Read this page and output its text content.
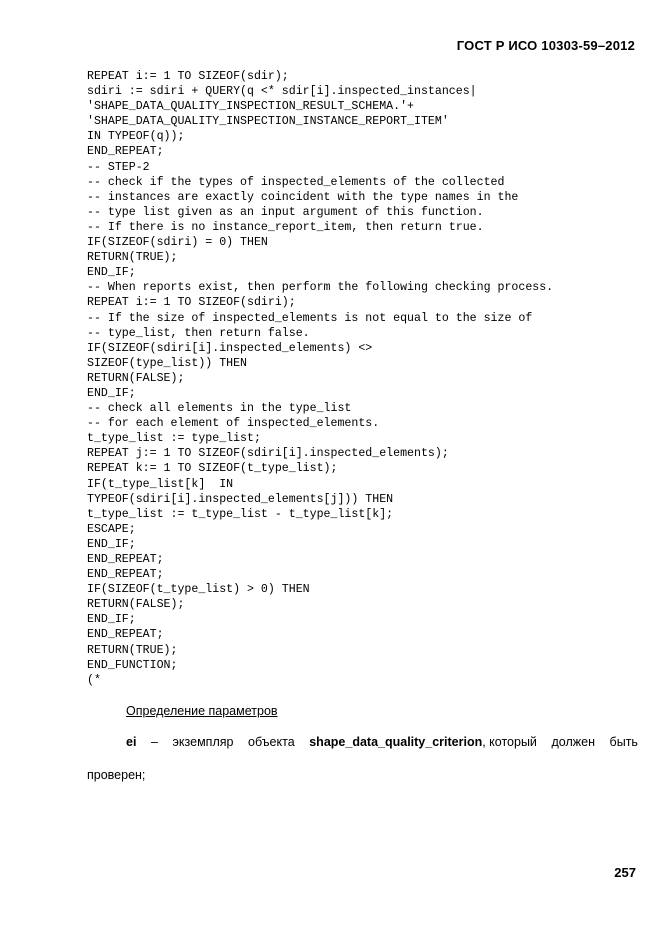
ГОСТ Р ИСО 10303-59–2012
REPEAT i:= 1 TO SIZEOF(sdir);
sdiri := sdiri + QUERY(q <* sdir[i].inspected_instances|
'SHAPE_DATA_QUALITY_INSPECTION_RESULT_SCHEMA.'+
'SHAPE_DATA_QUALITY_INSPECTION_INSTANCE_REPORT_ITEM'
IN TYPEOF(q));
END_REPEAT;
-- STEP-2
-- check if the types of inspected_elements of the collected
-- instances are exactly coincident with the type names in the
-- type list given as an input argument of this function.
-- If there is no instance_report_item, then return true.
IF(SIZEOF(sdiri) = 0) THEN
RETURN(TRUE);
END_IF;
-- When reports exist, then perform the following checking process.
REPEAT i:= 1 TO SIZEOF(sdiri);
-- If the size of inspected_elements is not equal to the size of
-- type_list, then return false.
IF(SIZEOF(sdiri[i].inspected_elements) <>
SIZEOF(type_list)) THEN
RETURN(FALSE);
END_IF;
-- check all elements in the type_list
-- for each element of inspected_elements.
t_type_list := type_list;
REPEAT j:= 1 TO SIZEOF(sdiri[i].inspected_elements);
REPEAT k:= 1 TO SIZEOF(t_type_list);
IF(t_type_list[k]  IN
TYPEOF(sdiri[i].inspected_elements[j])) THEN
t_type_list := t_type_list - t_type_list[k];
ESCAPE;
END_IF;
END_REPEAT;
END_REPEAT;
IF(SIZEOF(t_type_list) > 0) THEN
RETURN(FALSE);
END_IF;
END_REPEAT;
RETURN(TRUE);
END_FUNCTION;
(*
Определение параметров
ei – экземпляр объекта shape_data_quality_criterion, который должен быть
проверен;
257
